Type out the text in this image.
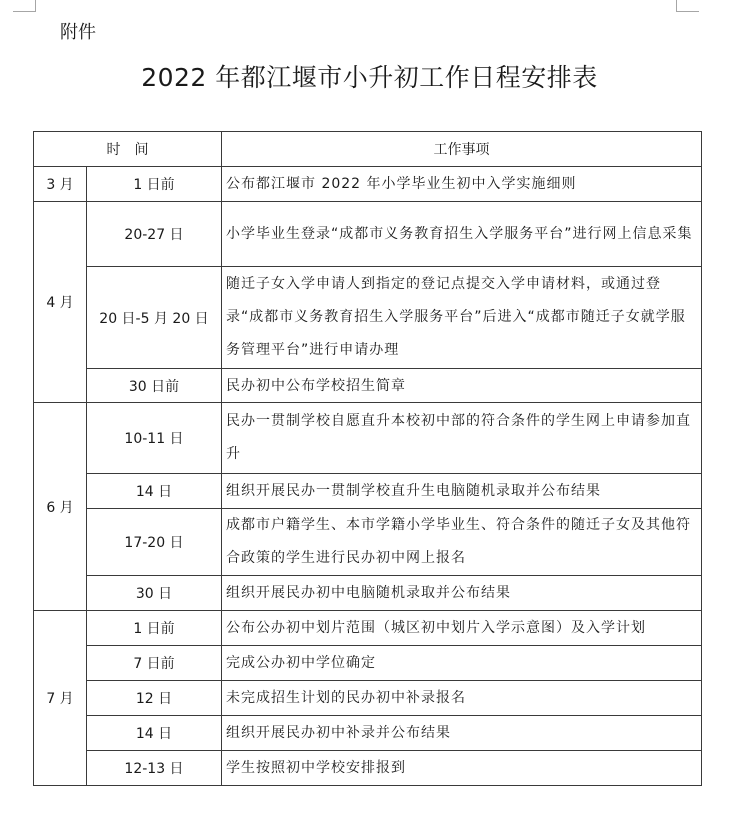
附件
2022 年都江堰市小升初工作日程安排表
时　间		工作事项
3 月	1 日前	公布都江堰市 2022 年小学毕业生初中入学实施细则
4 月	20-27 日	小学毕业生登录“成都市义务教育招生入学服务平台”进行网上信息采集
	20 日-5 月 20 日	随迁子女入学申请人到指定的登记点提交入学申请材料，或通过登录“成都市义务教育招生入学服务平台”后进入“成都市随迁子女就学服务管理平台”进行申请办理
	30 日前	民办初中公布学校招生简章
6 月	10-11 日	民办一贯制学校自愿直升本校初中部的符合条件的学生网上申请参加直升
	14 日	组织开展民办一贯制学校直升生电脑随机录取并公布结果
	17-20 日	成都市户籍学生、本市学籍小学毕业生、符合条件的随迁子女及其他符合政策的学生进行民办初中网上报名
	30 日	组织开展民办初中电脑随机录取并公布结果
7 月	1 日前	公布公办初中划片范围（城区初中划片入学示意图）及入学计划
	7 日前	完成公办初中学位确定
	12 日	未完成招生计划的民办初中补录报名
	14 日	组织开展民办初中补录并公布结果
	12-13 日	学生按照初中学校安排报到
